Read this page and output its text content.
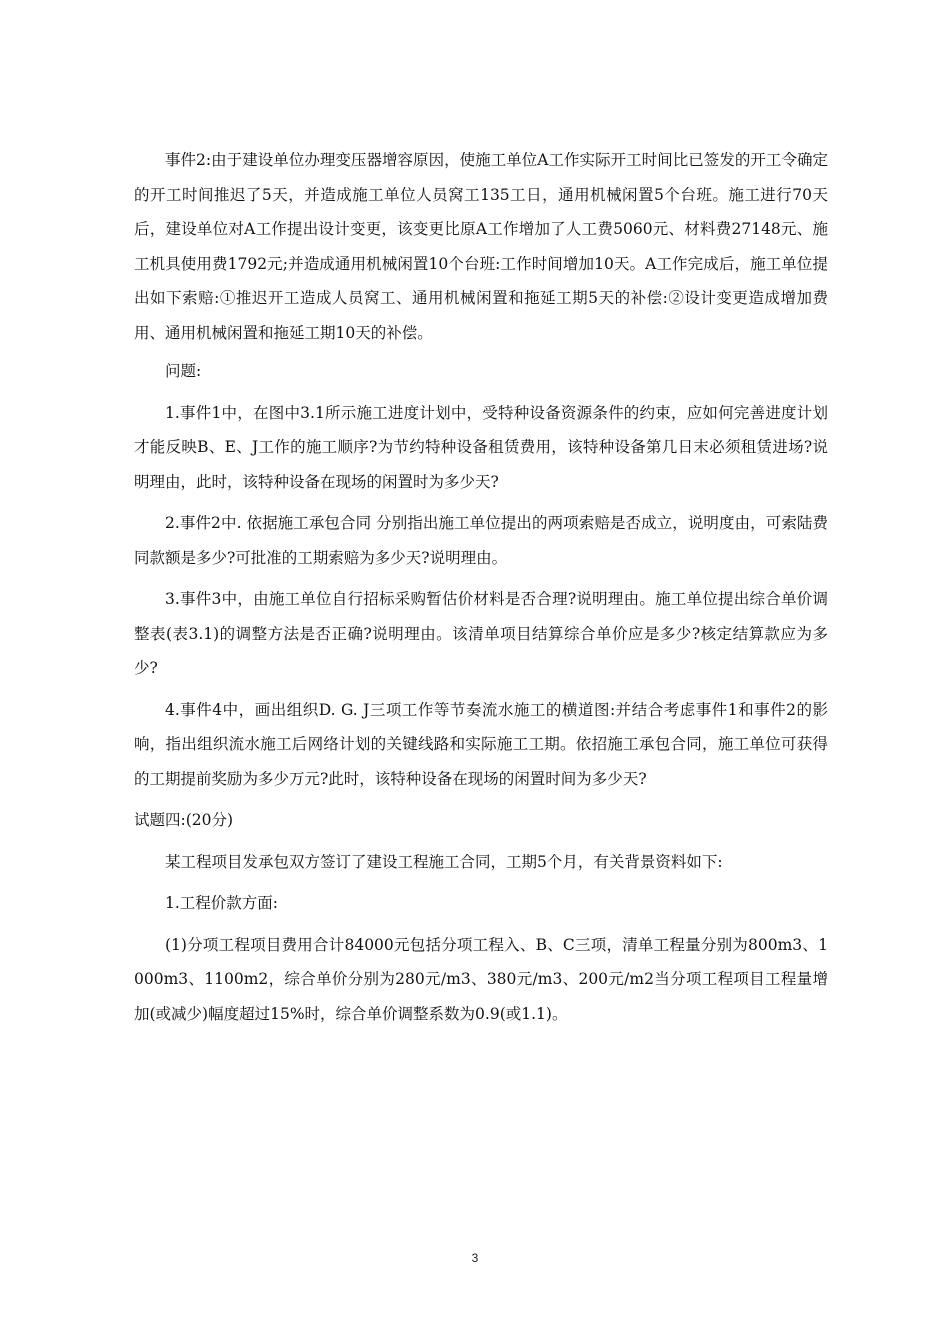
事件2:由于建设单位办理变压器增容原因，使施工单位A工作实际开工时间比已签发的开工令确定的开工时间推迟了5天，并造成施工单位人员窝工135工日，通用机械闲置5个台班。施工进行70天后，建设单位对A工作提出设计变更，该变更比原A工作增加了人工费5060元、材料费27148元、施工机具使用费1792元;并造成通用机械闲置10个台班:工作时间增加10天。A工作完成后，施工单位提出如下索赔:①推迟开工造成人员窝工、通用机械闲置和拖延工期5天的补偿:②设计变更造成增加费用、通用机械闲置和拖延工期10天的补偿。

问题:

1.事件1中，在图中3.1所示施工进度计划中，受特种设备资源条件的约束，应如何完善进度计划才能反映B、E、J工作的施工顺序?为节约特种设备租赁费用，该特种设备第几日末必须租赁进场?说明理由，此时，该特种设备在现场的闲置时为多少天?

2.事件2中. 依据施工承包合同 分别指出施工单位提出的两项索赔是否成立，说明度由，可索陆费同款额是多少?可批准的工期索赔为多少天?说明理由。

3.事件3中，由施工单位自行招标采购暂估价材料是否合理?说明理由。施工单位提出综合单价调整表(表3.1)的调整方法是否正确?说明理由。该清单项目结算综合单价应是多少?核定结算款应为多少?

4.事件4中，画出组织D. G. J三项工作等节奏流水施工的横道图:并结合考虑事件1和事件2的影响，指出组织流水施工后网络计划的关键线路和实际施工工期。依招施工承包合同，施工单位可获得的工期提前奖励为多少万元?此时，该特种设备在现场的闲置时间为多少天?

试题四:(20分)

某工程项目发承包双方签订了建设工程施工合同，工期5个月，有关背景资料如下:

1.工程价款方面:

(1)分项工程项目费用合计84000元包括分项工程入、B、C三项，清单工程量分别为800m3、1000m3、1100m2，综合单价分别为280元/m3、380元/m3、200元/m2当分项工程项目工程量增加(或减少)幅度超过15%时，综合单价调整系数为0.9(或1.1)。

3
